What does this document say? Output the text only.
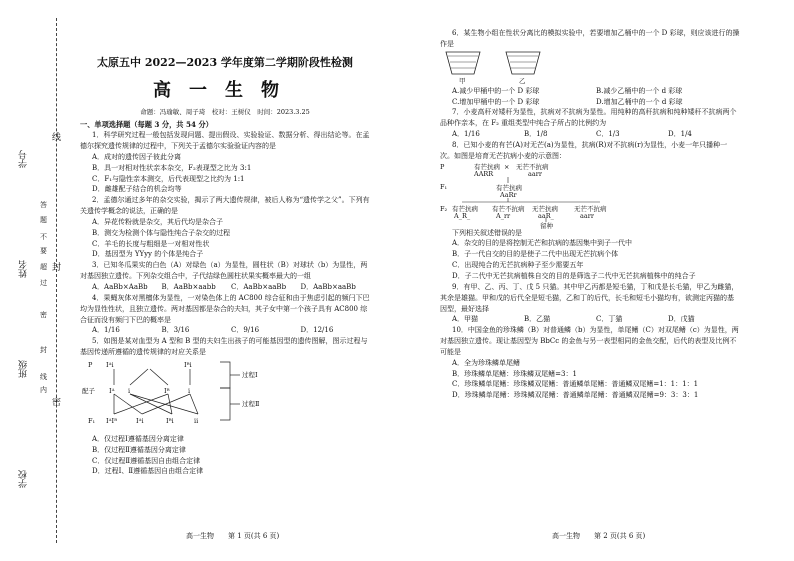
学号
姓名
班级
学校
线
封
密
答
题
不
要
超
过
密
封
线
内
太原五中 2022—2023 学年度第二学期阶段性检测
高一生物
命题：冯瑜敏、周子琦　校对：王树仪　时间：2023.3.25

一、单项选择题（每题 3 分，共 54 分）

1．科学研究过程一般包括发现问题、提出假设、实验验证、数据分析、得出结论等。在孟德尔探究遗传规律的过程中，下列关于孟德尔实验验证内容的是

A．成对的遗传因子彼此分离

B．具一对相对性状亲本杂交，F₂表现型之比为 3:1

C．F₁与隐性亲本测交，后代表现型之比约为 1:1

D．雌雄配子结合的机会均等

2．孟德尔通过多年的杂交实验，揭示了两大遗传规律，被后人称为“遗传学之父”。下列有关遗传学概念的说法，正确的是

A．异花传粉就是杂交，其后代均是杂合子

B．测交为检测个体与隐性纯合子杂交的过程

C．羊毛的长度与粗细是一对相对性状

D．基因型为 YYyy 的个体是纯合子

3．已知冬瓜果实的白色（A）对绿色（a）为显性，圆柱状（B）对球状（b）为显性，两对基因独立遗传。下列杂交组合中，子代结绿色圆柱状果实概率最大的一组

A．AaBb×AaBb	B．AaBb×aabb	C．AaBb×aaBb	D．AaBb×aaBb

4．果蝇灰体对黑檀体为显性，一对染色体上的 AC800 综合征和由于焦虑引起的频闩下巴均为显性性状，且独立遗传。两对基因都是杂合的夫妇，其子女中第一个孩子具有 AC800 综合征而没有频闩下巴的概率是

A．1/16	B．3/16	C．9/16	D．12/16

5．如图是某对血型为 A 型和 B 型的夫妇生出孩子的可能基因型的遗传图解，图示过程与基因传递所遵循的遗传规律的对应关系是

P Iᴬi	Iᴮi
配子 Iᴬ i	Iᴮ	i
F₁ IᴬIᴮ	Iᴬi	Iᴮi	ii
过程Ⅰ
过程Ⅱ

A．仅过程Ⅰ遵循基因分离定律

B．仅过程Ⅱ遵循基因分离定律

C．仅过程Ⅱ遵循基因自由组合定律

D．过程Ⅰ、Ⅱ遵循基因自由组合定律

6．某生物小组在性状分离比的模拟实验中，若要增加乙桶中的一个 D 彩球，则应该进行的操作是

甲	乙
A.减少甲桶中的一个 D 彩球	B.减少乙桶中的一个 d 彩球
C.增加甲桶中的一个 D 彩球	D.增加乙桶中的一个 d 彩球

7．小麦高秆对矮秆为显性，抗病对不抗病为显性。用纯种的高秆抗病和纯种矮秆不抗病两个品种作亲本，在 F₂ 重组类型中纯合子所占的比例约为

A．1/16	B．1/8	C．1/3	D．1/4

8．已知小麦的有芒(A)对无芒(a)为显性，抗病(R)对不抗病(r)为显性，小麦一年只播种一次。如图是培育无芒抗病小麦的示意图：

P	有芒抗病 × 无芒不抗病
AARR	aarr
F₁	有芒抗病
AaRr
F₂ 有芒抗病 有芒不抗病 无芒抗病 无芒不抗病
A_R_	A_rr	aaR_	aarr
留种

下列相关叙述错误的是

A．杂交的目的是将控制无芒和抗病的基因集中到子一代中

B．子一代自交的目的是使子二代中出现无芒抗病个体

C．出现纯合的无芒抗病种子至少需要五年

D．子二代中无芒抗病植株自交的目的是筛选子二代中无芒抗病植株中的纯合子

9．有甲、乙、丙、丁、戊 5 只猫。其中甲乙丙都是短毛猫，丁和戊是长毛猫，甲乙为雌猫，其余是雄猫。甲和戊的后代全是短毛猫，乙和丁的后代，长毛和短毛小猫均有，欲测定丙猫的基因型，最好选择

A．甲猫	B．乙猫	C．丁猫	D．戊猫

10．中国金鱼的珍珠鳞（B）对普通鳞（b）为显性，单尾鳍（C）对双尾鳍（c）为显性，两对基因独立遗传。现让基因型为 BbCc 的金鱼与另一表型相同的金鱼交配，后代的表型及比例不可能是

A．全为珍珠鳞单尾鳍

B．珍珠鳞单尾鳍：珍珠鳞双尾鳍=3：1

C．珍珠鳞单尾鳍：珍珠鳞双尾鳍：普通鳞单尾鳍：普通鳞双尾鳍=1：1：1：1

D．珍珠鳞单尾鳍：珍珠鳞双尾鳍：普通鳞单尾鳍：普通鳞双尾鳍=9：3：3：1

高一生物　　第 1 页(共 6 页)	高一生物　　第 2 页(共 6 页)
